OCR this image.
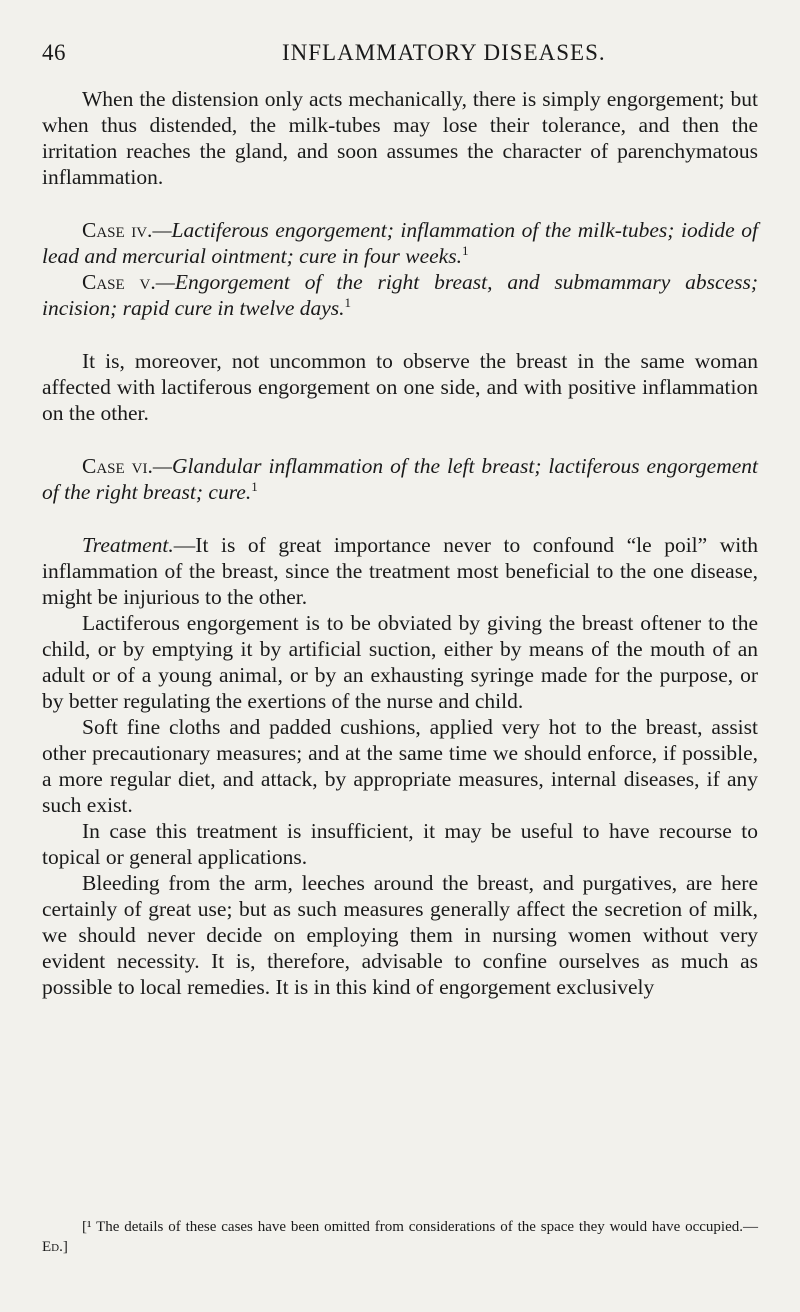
46	INFLAMMATORY DISEASES.

When the distension only acts mechanically, there is simply engorgement; but when thus distended, the milk-tubes may lose their tolerance, and then the irritation reaches the gland, and soon assumes the character of parenchymatous inflammation.

Case iv.—Lactiferous engorgement; inflammation of the milk-tubes; iodide of lead and mercurial ointment; cure in four weeks.$^1$

Case v.—Engorgement of the right breast, and submammary abscess; incision; rapid cure in twelve days.$^1$

It is, moreover, not uncommon to observe the breast in the same woman affected with lactiferous engorgement on one side, and with positive inflammation on the other.

Case vi.—Glandular inflammation of the left breast; lactiferous engorgement of the right breast; cure.$^1$

Treatment.—It is of great importance never to confound “le poil” with inflammation of the breast, since the treatment most beneficial to the one disease, might be injurious to the other.

Lactiferous engorgement is to be obviated by giving the breast oftener to the child, or by emptying it by artificial suction, either by means of the mouth of an adult or of a young animal, or by an exhausting syringe made for the purpose, or by better regulating the exertions of the nurse and child.

Soft fine cloths and padded cushions, applied very hot to the breast, assist other precautionary measures; and at the same time we should enforce, if possible, a more regular diet, and attack, by appropriate measures, internal diseases, if any such exist.

In case this treatment is insufficient, it may be useful to have recourse to topical or general applications.

Bleeding from the arm, leeches around the breast, and purgatives, are here certainly of great use; but as such measures generally affect the secretion of milk, we should never decide on employing them in nursing women without very evident necessity. It is, therefore, advisable to confine ourselves as much as possible to local remedies. It is in this kind of engorgement exclusively

[¹ The details of these cases have been omitted from considerations of the space they would have occupied.—Ed.]
